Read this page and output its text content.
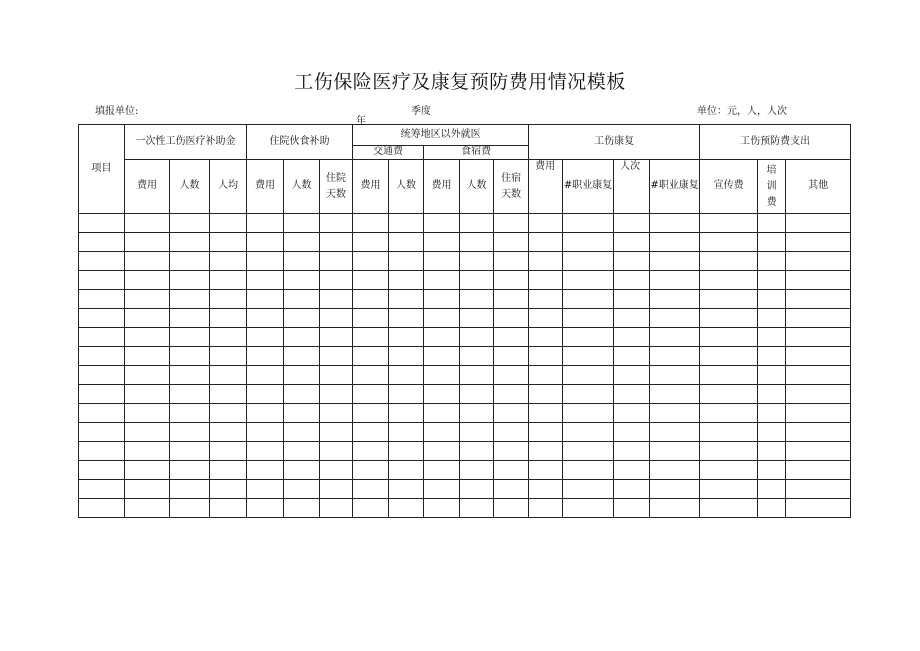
工伤保险医疗及康复预防费用情况模板
填报单位:	季度
年
单位：元，人，人次
项目	一次性工伤医疗补助金			住院伙食补助			统筹地区以外就医					工伤康复				工伤预防费支出		
							交通费		食宿费									
	费用	人数	人均	费用	人数	住院天数	费用	人数	费用	人数	住宿天数	费用	#职业康复	人次	#职业康复	宣传费	培训费	其他
